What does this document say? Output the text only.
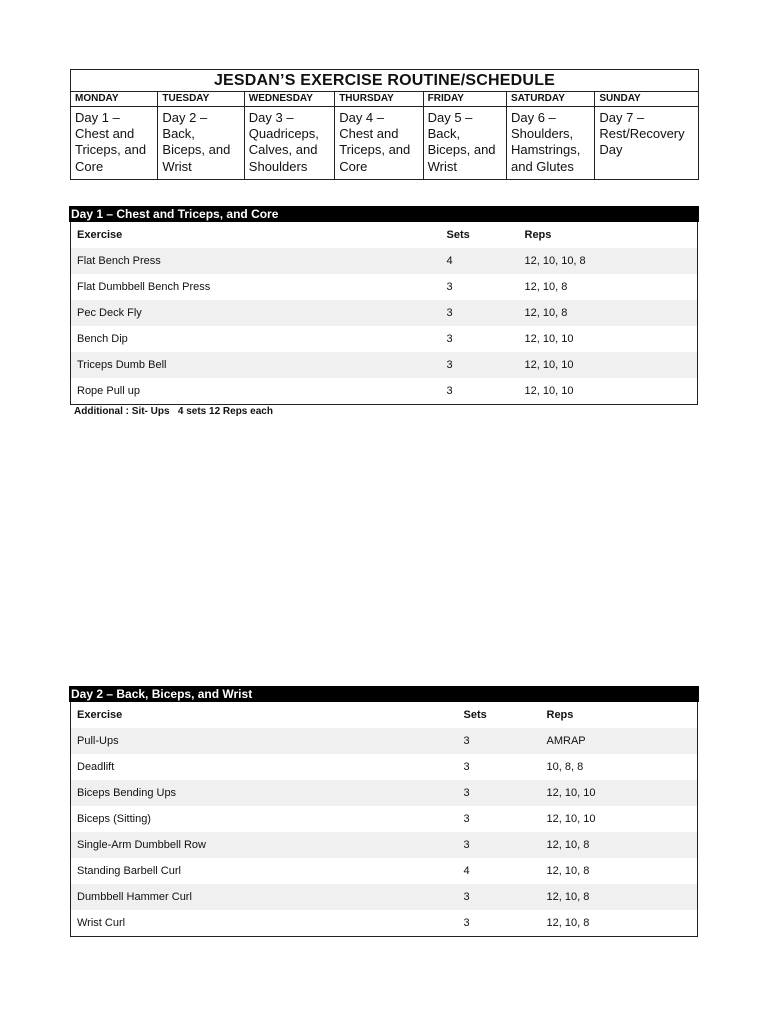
JESDAN’S EXERCISE ROUTINE/SCHEDULE						
MONDAY	TUESDAY	WEDNESDAY	THURSDAY	FRIDAY	SATURDAY	SUNDAY
Day 1 – Chest and Triceps, and Core	Day 2 – Back, Biceps, and Wrist	Day 3 – Quadriceps, Calves, and Shoulders	Day 4 – Chest and Triceps, and Core	Day 5 – Back, Biceps, and Wrist	Day 6 – Shoulders, Hamstrings, and Glutes	Day 7 – Rest/Recovery Day
Day 1 – Chest and Triceps, and Core
Exercise	Sets	Reps
Flat Bench Press	4	12, 10, 10, 8
Flat Dumbbell Bench Press	3	12, 10, 8
Pec Deck Fly	3	12, 10, 8
Bench Dip	3	12, 10, 10
Triceps Dumb Bell	3	12, 10, 10
Rope Pull up	3	12, 10, 10
Additional : Sit- Ups   4 sets 12 Reps each
Day 2 – Back, Biceps, and Wrist
Exercise	Sets	Reps
Pull-Ups	3	AMRAP
Deadlift	3	10, 8, 8
Biceps Bending Ups	3	12, 10, 10
Biceps (Sitting)	3	12, 10, 10
Single-Arm Dumbbell Row	3	12, 10, 8
Standing Barbell Curl	4	12, 10, 8
Dumbbell Hammer Curl	3	12, 10, 8
Wrist Curl	3	12, 10, 8
